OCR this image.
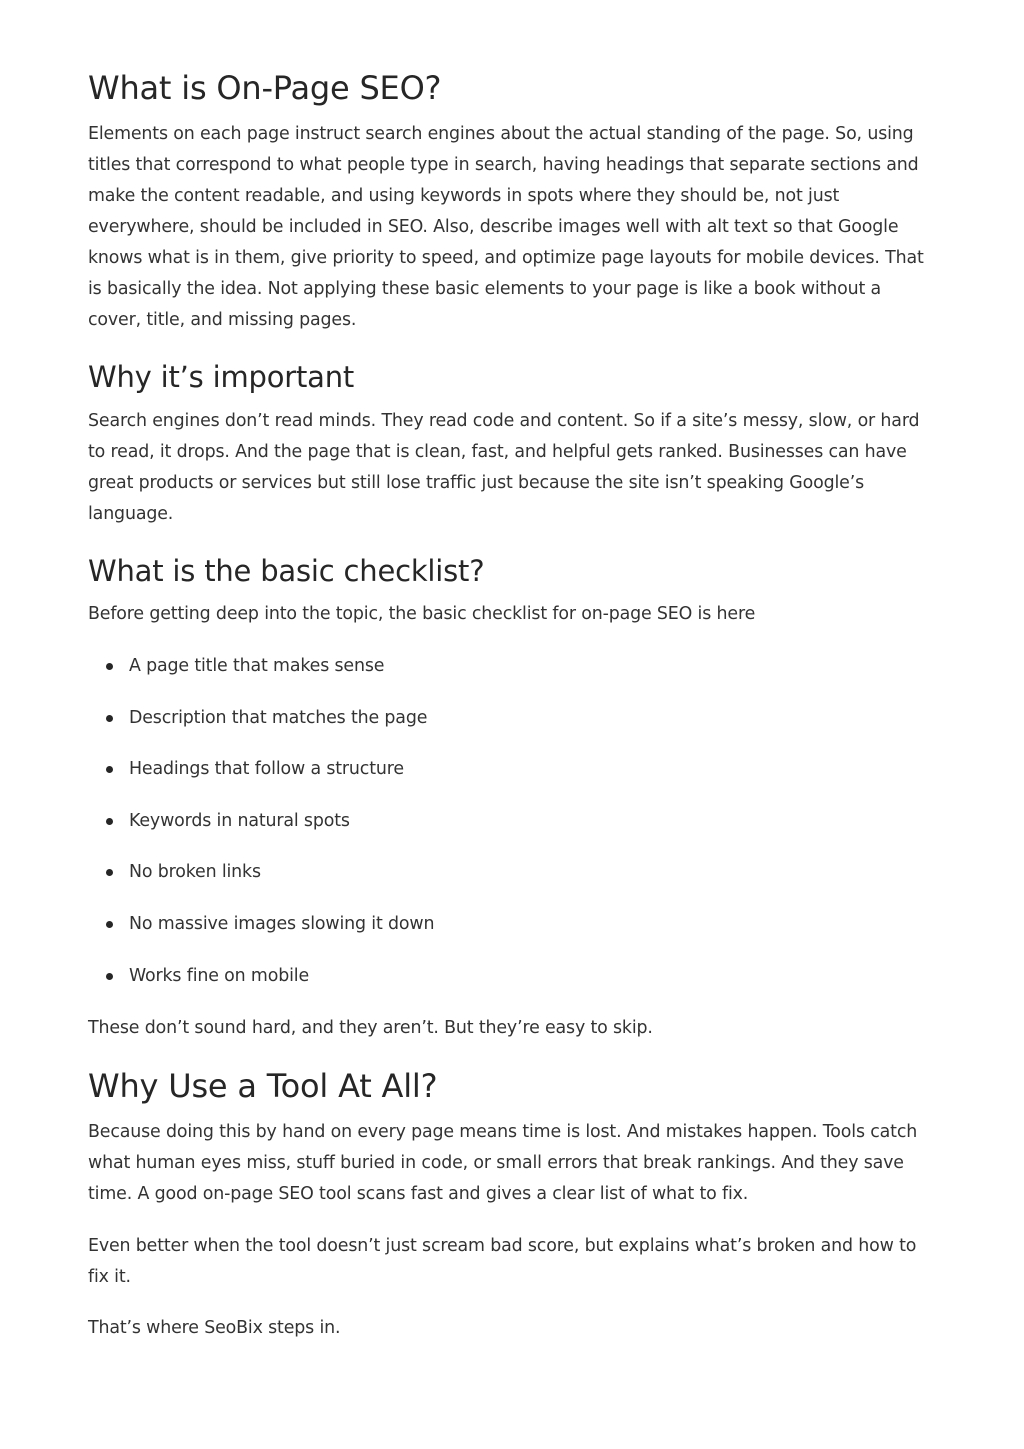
What is On-Page SEO?

Elements on each page instruct search engines about the actual standing of the page. So, using titles that correspond to what people type in search, having headings that separate sections and make the content readable, and using keywords in spots where they should be, not just everywhere, should be included in SEO. Also, describe images well with alt text so that Google knows what is in them, give priority to speed, and optimize page layouts for mobile devices. That is basically the idea. Not applying these basic elements to your page is like a book without a cover, title, and missing pages.

Why it’s important

Search engines don’t read minds. They read code and content. So if a site’s messy, slow, or hard to read, it drops. And the page that is clean, fast, and helpful gets ranked. Businesses can have great products or services but still lose traffic just because the site isn’t speaking Google’s language.

What is the basic checklist?

Before getting deep into the topic, the basic checklist for on-page SEO is here

A page title that makes sense
Description that matches the page
Headings that follow a structure
Keywords in natural spots
No broken links
No massive images slowing it down
Works fine on mobile

These don’t sound hard, and they aren’t. But they’re easy to skip.

Why Use a Tool At All?

Because doing this by hand on every page means time is lost. And mistakes happen. Tools catch what human eyes miss, stuff buried in code, or small errors that break rankings. And they save time. A good on-page SEO tool scans fast and gives a clear list of what to fix.

Even better when the tool doesn’t just scream bad score, but explains what’s broken and how to fix it.

That’s where SeoBix steps in.
